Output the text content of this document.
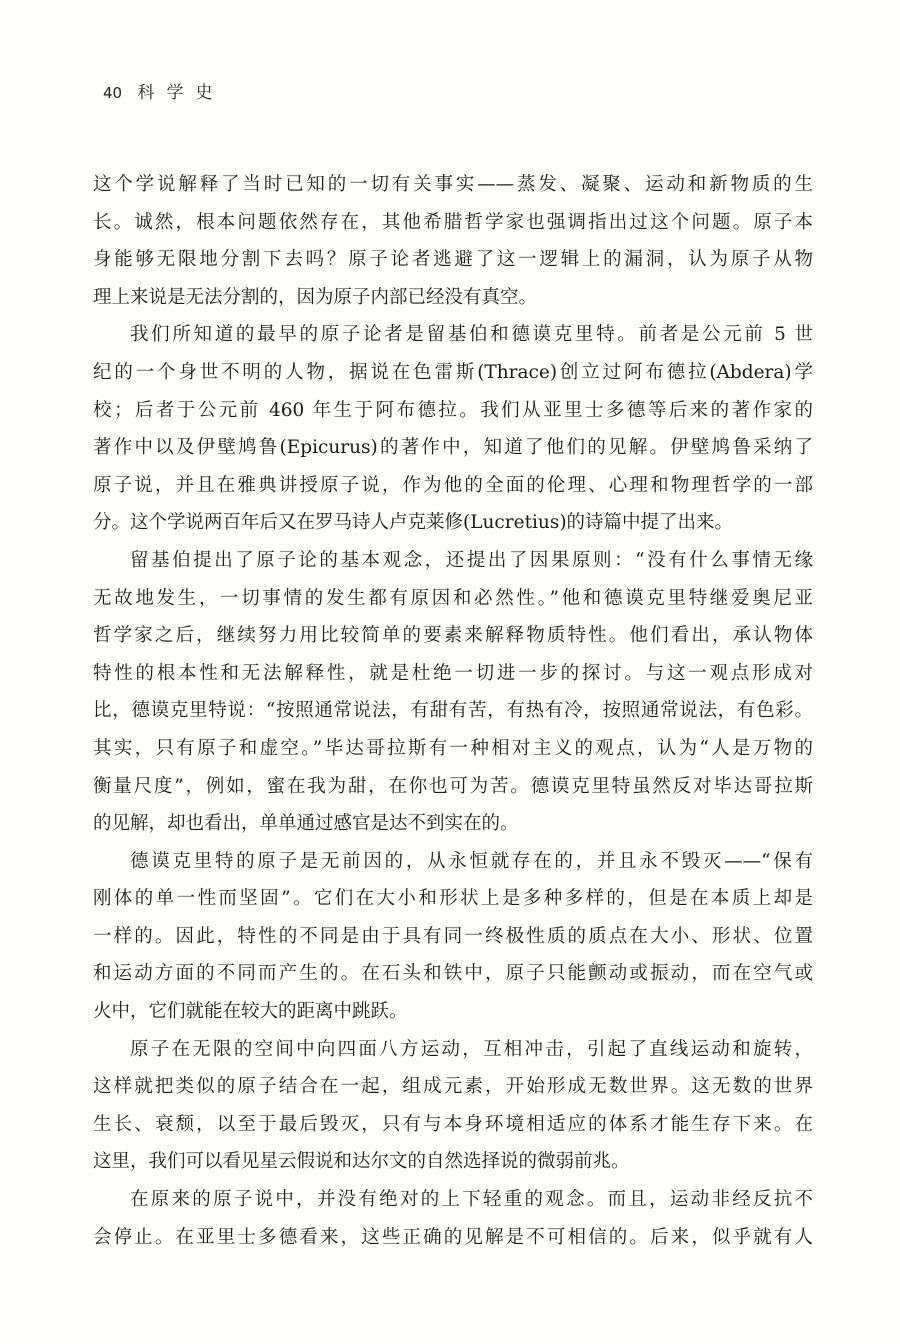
40 科学史
这个学说解释了当时已知的一切有关事实——蒸发、凝聚、运动和新物质的生
长。诚然，根本问题依然存在，其他希腊哲学家也强调指出过这个问题。原子本
身能够无限地分割下去吗？原子论者逃避了这一逻辑上的漏洞，认为原子从物
理上来说是无法分割的，因为原子内部已经没有真空。
我们所知道的最早的原子论者是留基伯和德谟克里特。前者是公元前 5 世
纪的一个身世不明的人物，据说在色雷斯(Thrace)创立过阿布德拉(Abdera)学
校；后者于公元前 460 年生于阿布德拉。我们从亚里士多德等后来的著作家的
著作中以及伊壁鸠鲁(Epicurus)的著作中，知道了他们的见解。伊壁鸠鲁采纳了
原子说，并且在雅典讲授原子说，作为他的全面的伦理、心理和物理哲学的一部
分。这个学说两百年后又在罗马诗人卢克莱修(Lucretius)的诗篇中提了出来。
留基伯提出了原子论的基本观念，还提出了因果原则：“没有什么事情无缘
无故地发生，一切事情的发生都有原因和必然性。”他和德谟克里特继爱奥尼亚
哲学家之后，继续努力用比较简单的要素来解释物质特性。他们看出，承认物体
特性的根本性和无法解释性，就是杜绝一切进一步的探讨。与这一观点形成对
比，德谟克里特说：“按照通常说法，有甜有苦，有热有冷，按照通常说法，有色彩。
其实，只有原子和虚空。”毕达哥拉斯有一种相对主义的观点，认为“人是万物的
衡量尺度”，例如，蜜在我为甜，在你也可为苦。德谟克里特虽然反对毕达哥拉斯
的见解，却也看出，单单通过感官是达不到实在的。
德谟克里特的原子是无前因的，从永恒就存在的，并且永不毁灭——“保有
刚体的单一性而坚固”。它们在大小和形状上是多种多样的，但是在本质上却是
一样的。因此，特性的不同是由于具有同一终极性质的质点在大小、形状、位置
和运动方面的不同而产生的。在石头和铁中，原子只能颤动或振动，而在空气或
火中，它们就能在较大的距离中跳跃。
原子在无限的空间中向四面八方运动，互相冲击，引起了直线运动和旋转，
这样就把类似的原子结合在一起，组成元素，开始形成无数世界。这无数的世界
生长、衰颓，以至于最后毁灭，只有与本身环境相适应的体系才能生存下来。在
这里，我们可以看见星云假说和达尔文的自然选择说的微弱前兆。
在原来的原子说中，并没有绝对的上下轻重的观念。而且，运动非经反抗不
会停止。在亚里士多德看来，这些正确的见解是不可相信的。后来，似乎就有人
